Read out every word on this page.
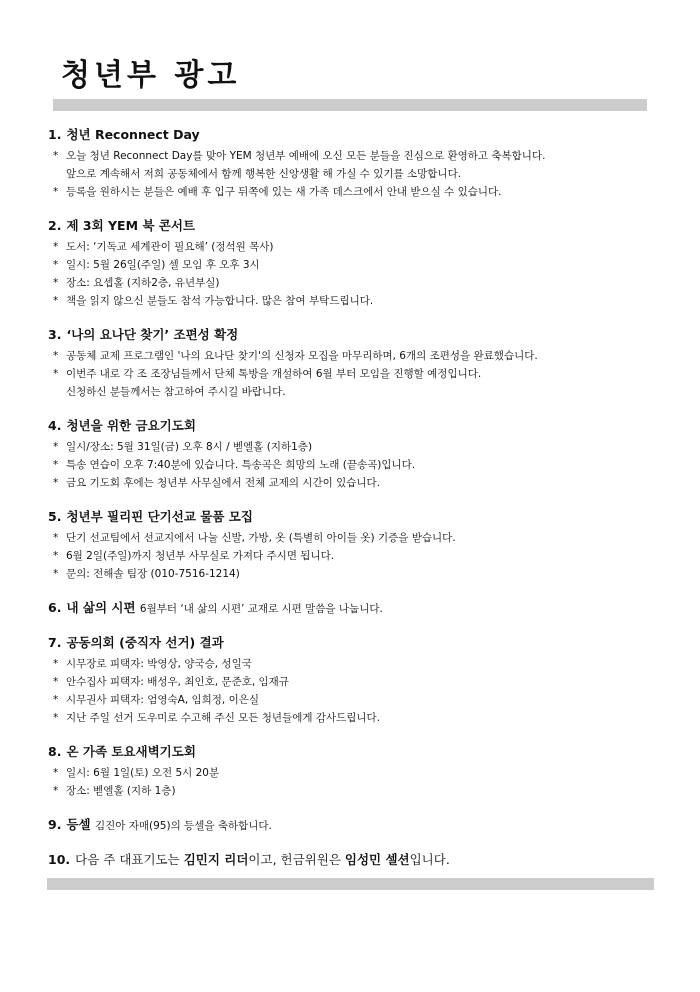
청년부 광고
1. 청년 Reconnect Day
* 오늘 청년 Reconnect Day를 맞아 YEM 청년부 예배에 오신 모든 분들을 진심으로 환영하고 축복합니다.
앞으로 계속해서 저희 공동체에서 함께 행복한 신앙생활 해 가실 수 있기를 소망합니다.
* 등록을 원하시는 분들은 예배 후 입구 뒤쪽에 있는 새 가족 데스크에서 안내 받으실 수 있습니다.
2. 제 3회 YEM 북 콘서트
* 도서: ‘기독교 세계관이 필요해’ (정석원 목사)
* 일시: 5월 26일(주일) 셀 모임 후 오후 3시
* 장소: 요셉홀 (지하2층, 유년부실)
* 책을 읽지 않으신 분들도 참석 가능합니다. 많은 참여 부탁드립니다.
3. ‘나의 요나단 찾기’ 조편성 확정
* 공동체 교제 프로그램인 '나의 요나단 찾기'의 신청자 모집을 마무리하며, 6개의 조편성을 완료했습니다.
* 이번주 내로 각 조 조장님들께서 단체 톡방을 개설하여 6월 부터 모임을 진행할 예정입니다.
신청하신 분들께서는 참고하여 주시길 바랍니다.
4. 청년을 위한 금요기도회
* 일시/장소: 5월 31일(금) 오후 8시 / 벧엘홀 (지하1층)
* 특송 연습이 오후 7:40분에 있습니다. 특송곡은 희망의 노래 (끝송곡)입니다.
* 금요 기도회 후에는 청년부 사무실에서 전체 교제의 시간이 있습니다.
5. 청년부 필리핀 단기선교 물품 모집
* 단기 선교팀에서 선교지에서 나눌 신발, 가방, 옷 (특별히 아이들 옷) 기증을 받습니다.
* 6월 2일(주일)까지 청년부 사무실로 가져다 주시면 됩니다.
* 문의: 전해솔 팀장 (010-7516-1214)
6. 내 삶의 시편 6월부터 ‘내 삶의 시편’ 교재로 시편 말씀을 나눕니다.
7. 공동의회 (중직자 선거) 결과
* 시무장로 피택자: 박영상, 양국승, 성일국
* 안수집사 피택자: 배성우, 최인호, 문준호, 임재규
* 시무권사 피택자: 엄영숙A, 임희정, 이은실
* 지난 주일 선거 도우미로 수고해 주신 모든 청년들에게 감사드립니다.
8. 온 가족 토요새벽기도회
* 일시: 6월 1일(토) 오전 5시 20분
* 장소: 벧엘홀 (지하 1층)
9. 등셀 김진아 자매(95)의 등셀을 축하합니다.
10. 다음 주 대표기도는 김민지 리더이고, 헌금위원은 임성민 셀션입니다.
